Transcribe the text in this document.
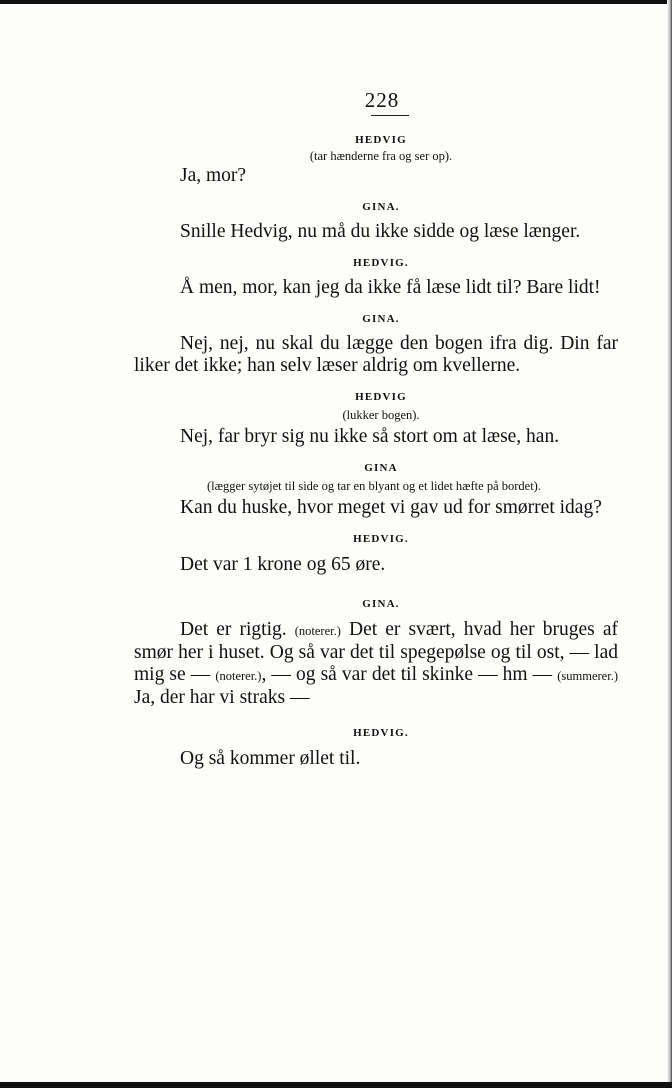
228
HEDVIG
(tar hænderne fra og ser op).

Ja, mor?

GINA.

Snille Hedvig, nu må du ikke sidde og læse længer.

HEDVIG.

Å men, mor, kan jeg da ikke få læse lidt til? Bare lidt!

GINA.

Nej, nej, nu skal du lægge den bogen ifra dig. Din far liker det ikke; han selv læser aldrig om kvellerne.

HEDVIG
(lukker bogen).

Nej, far bryr sig nu ikke så stort om at læse, han.

GINA
(lægger sytøjet til side og tar en blyant og et lidet hæfte på bordet).

Kan du huske, hvor meget vi gav ud for smørret idag?

HEDVIG.

Det var 1 krone og 65 øre.

GINA.

Det er rigtig. (noterer.) Det er svært, hvad her bruges af smør her i huset. Og så var det til spegepølse og til ost, — lad mig se — (noterer.), — og så var det til skinke — hm — (summerer.) Ja, der har vi straks —

HEDVIG.

Og så kommer øllet til.
